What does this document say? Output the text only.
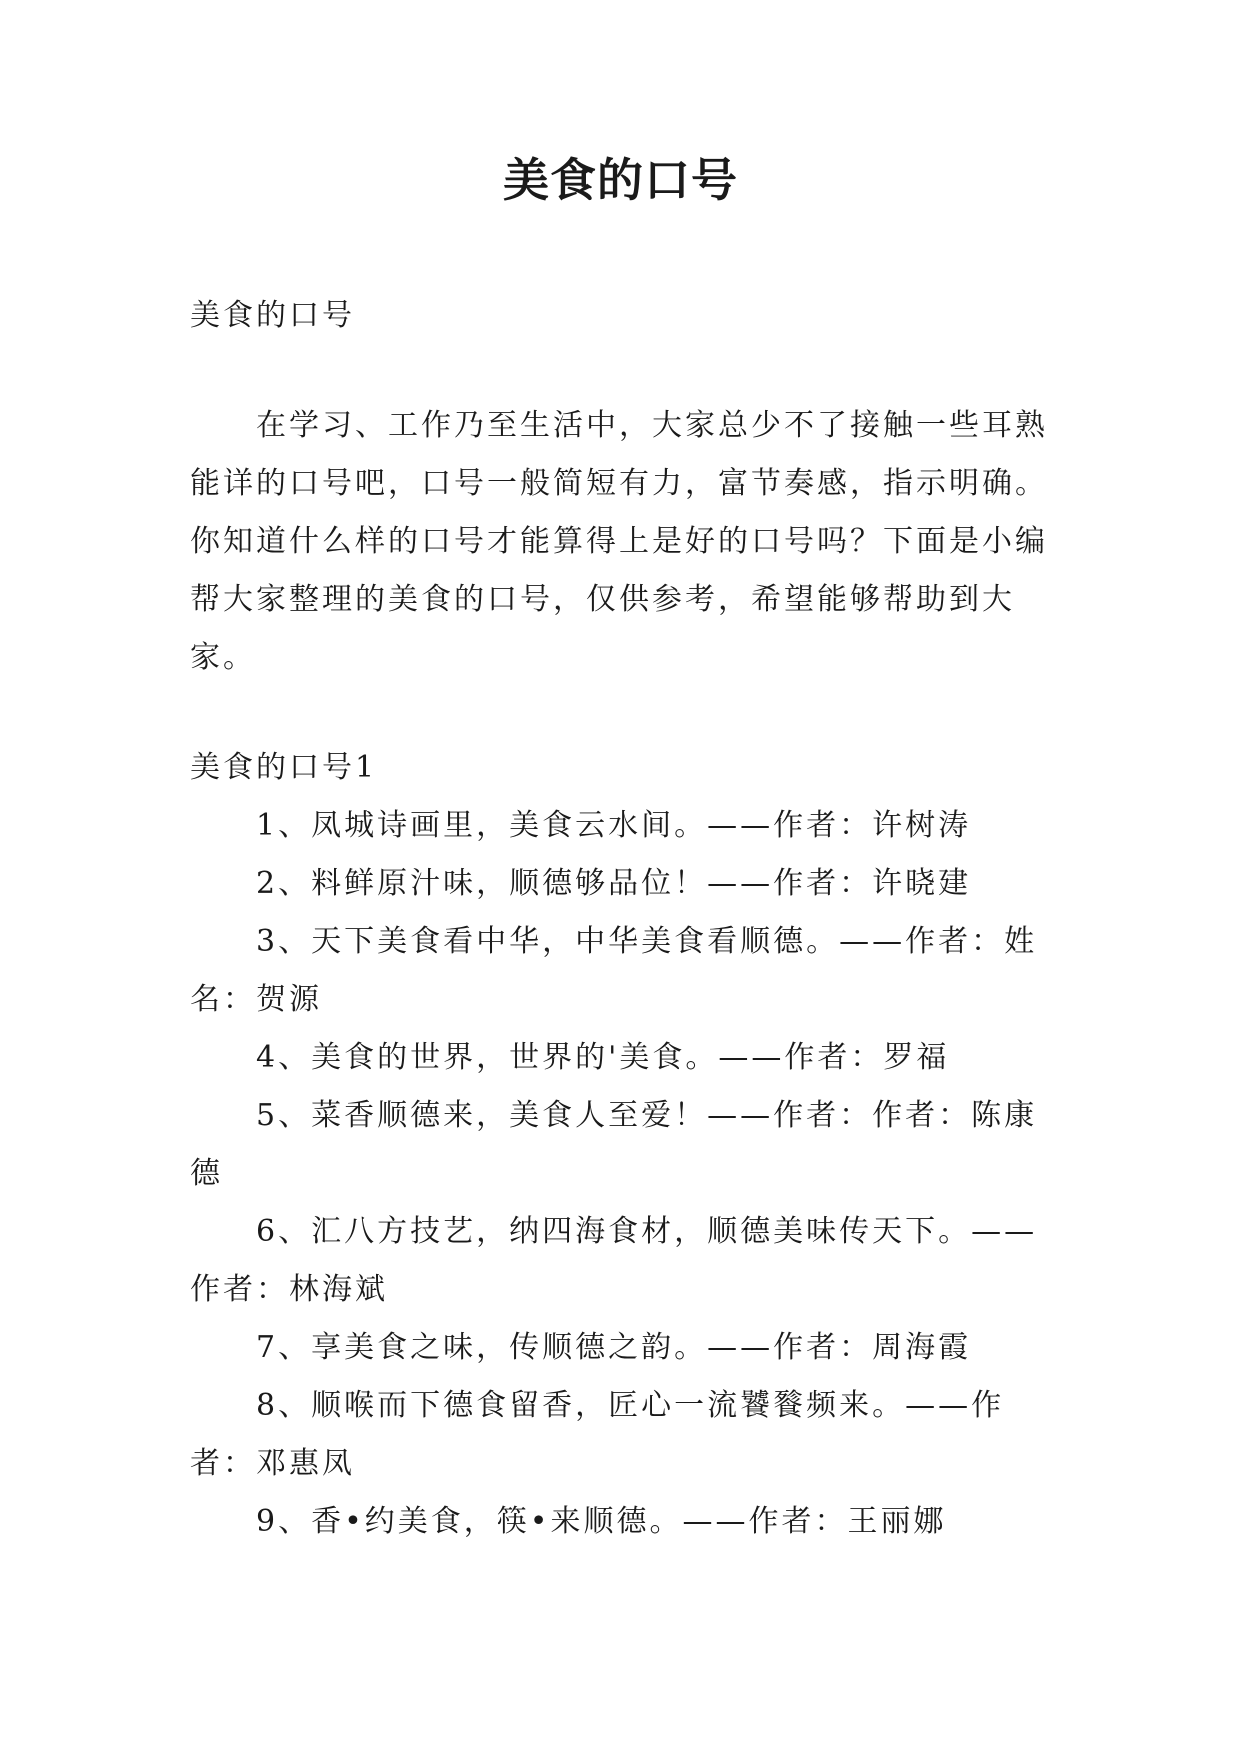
美食的口号

美食的口号

在学习、工作乃至生活中，大家总少不了接触一些耳熟能详的口号吧，口号一般简短有力，富节奏感，指示明确。你知道什么样的口号才能算得上是好的口号吗？下面是小编帮大家整理的美食的口号，仅供参考，希望能够帮助到大家。

美食的口号1

1、凤城诗画里，美食云水间。——作者：许树涛

2、料鲜原汁味，顺德够品位！——作者：许晓建

3、天下美食看中华，中华美食看顺德。——作者：姓名：贺源

4、美食的世界，世界的'美食。——作者：罗福

5、菜香顺德来，美食人至爱！——作者：作者：陈康德

6、汇八方技艺，纳四海食材，顺德美味传天下。——作者：林海斌

7、享美食之味，传顺德之韵。——作者：周海霞

8、顺喉而下德食留香，匠心一流饕餮频来。——作者：邓惠凤

9、香•约美食，筷•来顺德。——作者：王丽娜
